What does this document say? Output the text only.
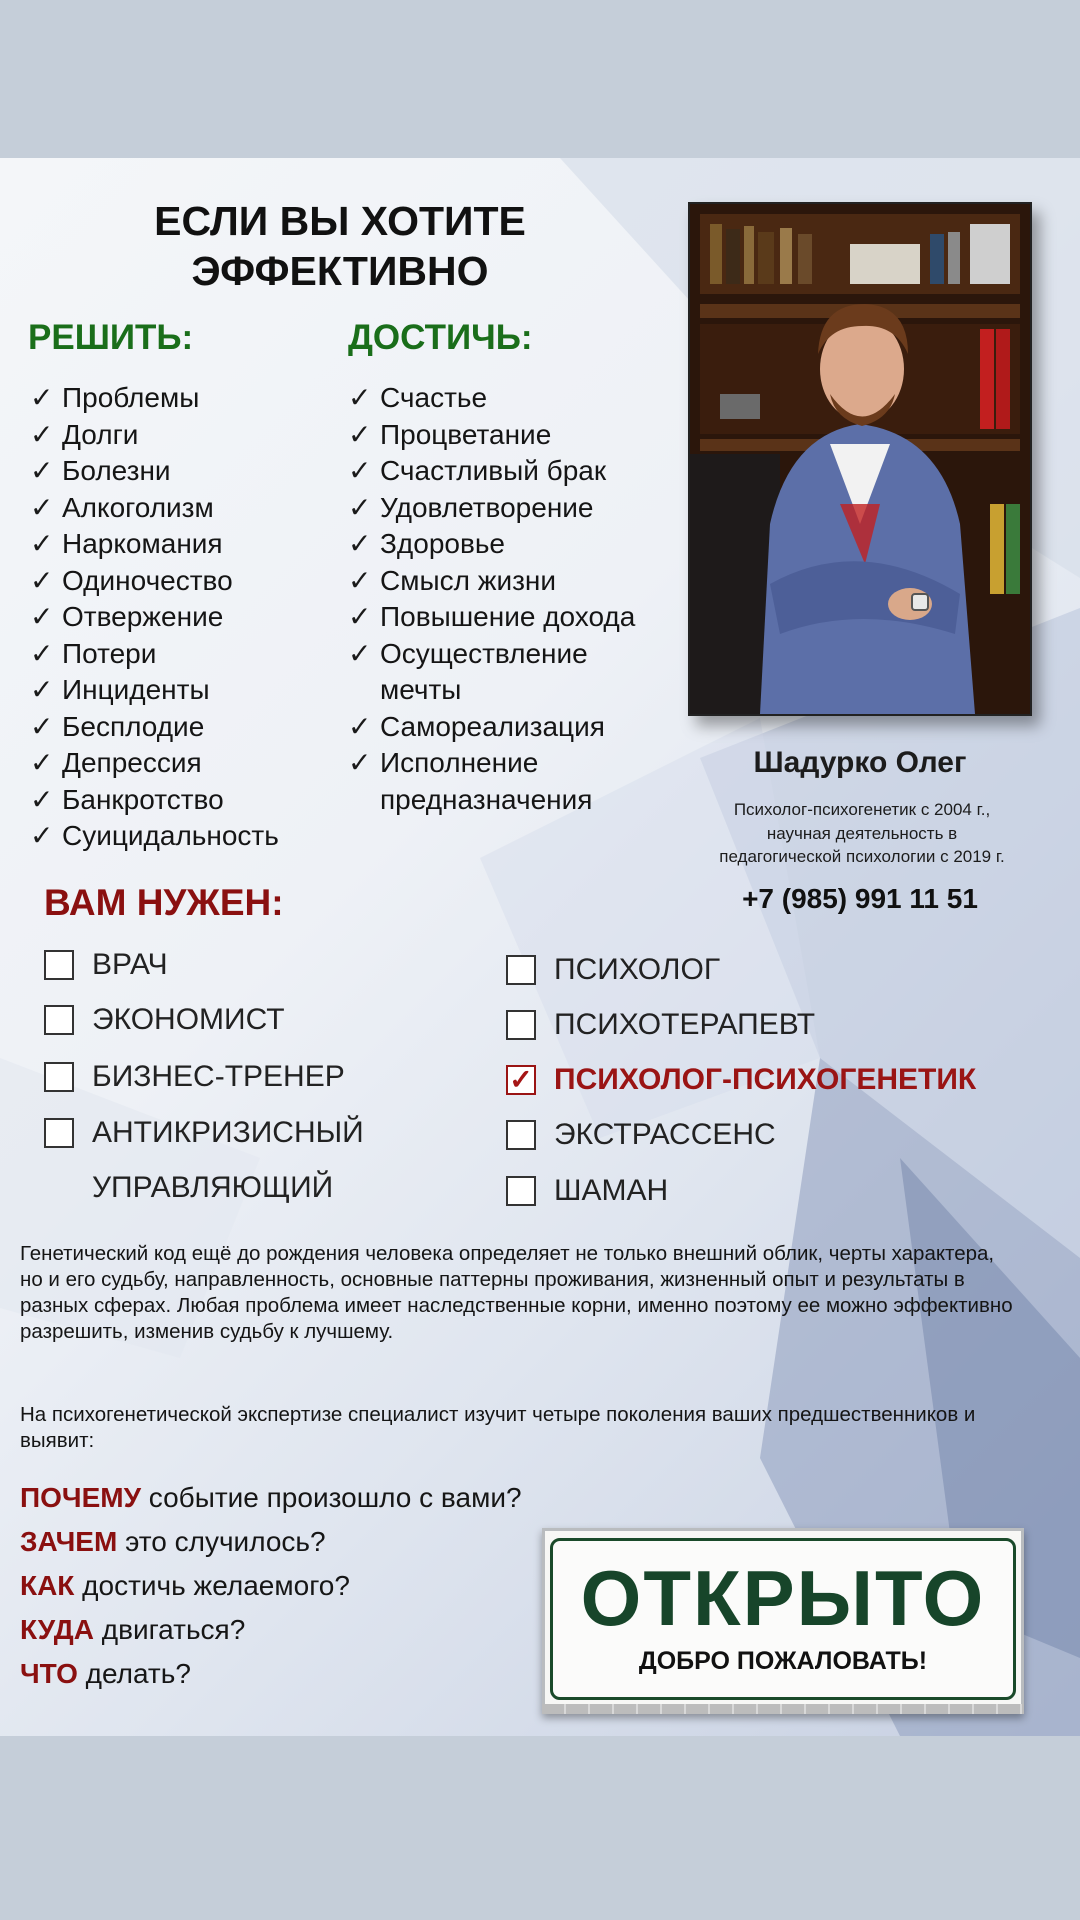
ЕСЛИ ВЫ ХОТИТЕ
ЭФФЕКТИВНО
РЕШИТЬ:	ДОСТИЧЬ:
✓ Проблемы
✓ Долги
✓ Болезни
✓ Алкоголизм
✓ Наркомания
✓ Одиночество
✓ Отвержение
✓ Потери
✓ Инциденты
✓ Бесплодие
✓ Депрессия
✓ Банкротство
✓ Суицидальность
✓ Счастье
✓ Процветание
✓ Счастливый брак
✓ Удовлетворение
✓ Здоровье
✓ Смысл жизни
✓ Повышение дохода
✓ Осуществление
мечты
✓ Самореализация
✓ Исполнение
предназначения
Шадурко Олег
Психолог-психогенетик с 2004 г.,
научная деятельность в
педагогической психологии с 2019 г.
+7 (985) 991 11 51
ВАМ НУЖЕН:
ВРАЧ
ЭКОНОМИСТ
БИЗНЕС-ТРЕНЕР
АНТИКРИЗИСНЫЙ
УПРАВЛЯЮЩИЙ
ПСИХОЛОГ
ПСИХОТЕРАПЕВТ
✓ ПСИХОЛОГ-ПСИХОГЕНЕТИК
ЭКСТРАССЕНС
ШАМАН
Генетический код ещё до рождения человека определяет не только внешний облик, черты характера, но и его судьбу, направленность, основные паттерны проживания, жизненный опыт и результаты в разных сферах. Любая проблема имеет наследственные корни, именно поэтому ее можно эффективно разрешить, изменив судьбу к лучшему.
На психогенетической экспертизе специалист изучит четыре поколения ваших предшественников и выявит:
ПОЧЕМУ событие произошло с вами?
ЗАЧЕМ это случилось?
КАК достичь желаемого?
КУДА двигаться?
ЧТО делать?
ОТКРЫТО
ДОБРО ПОЖАЛОВАТЬ!
